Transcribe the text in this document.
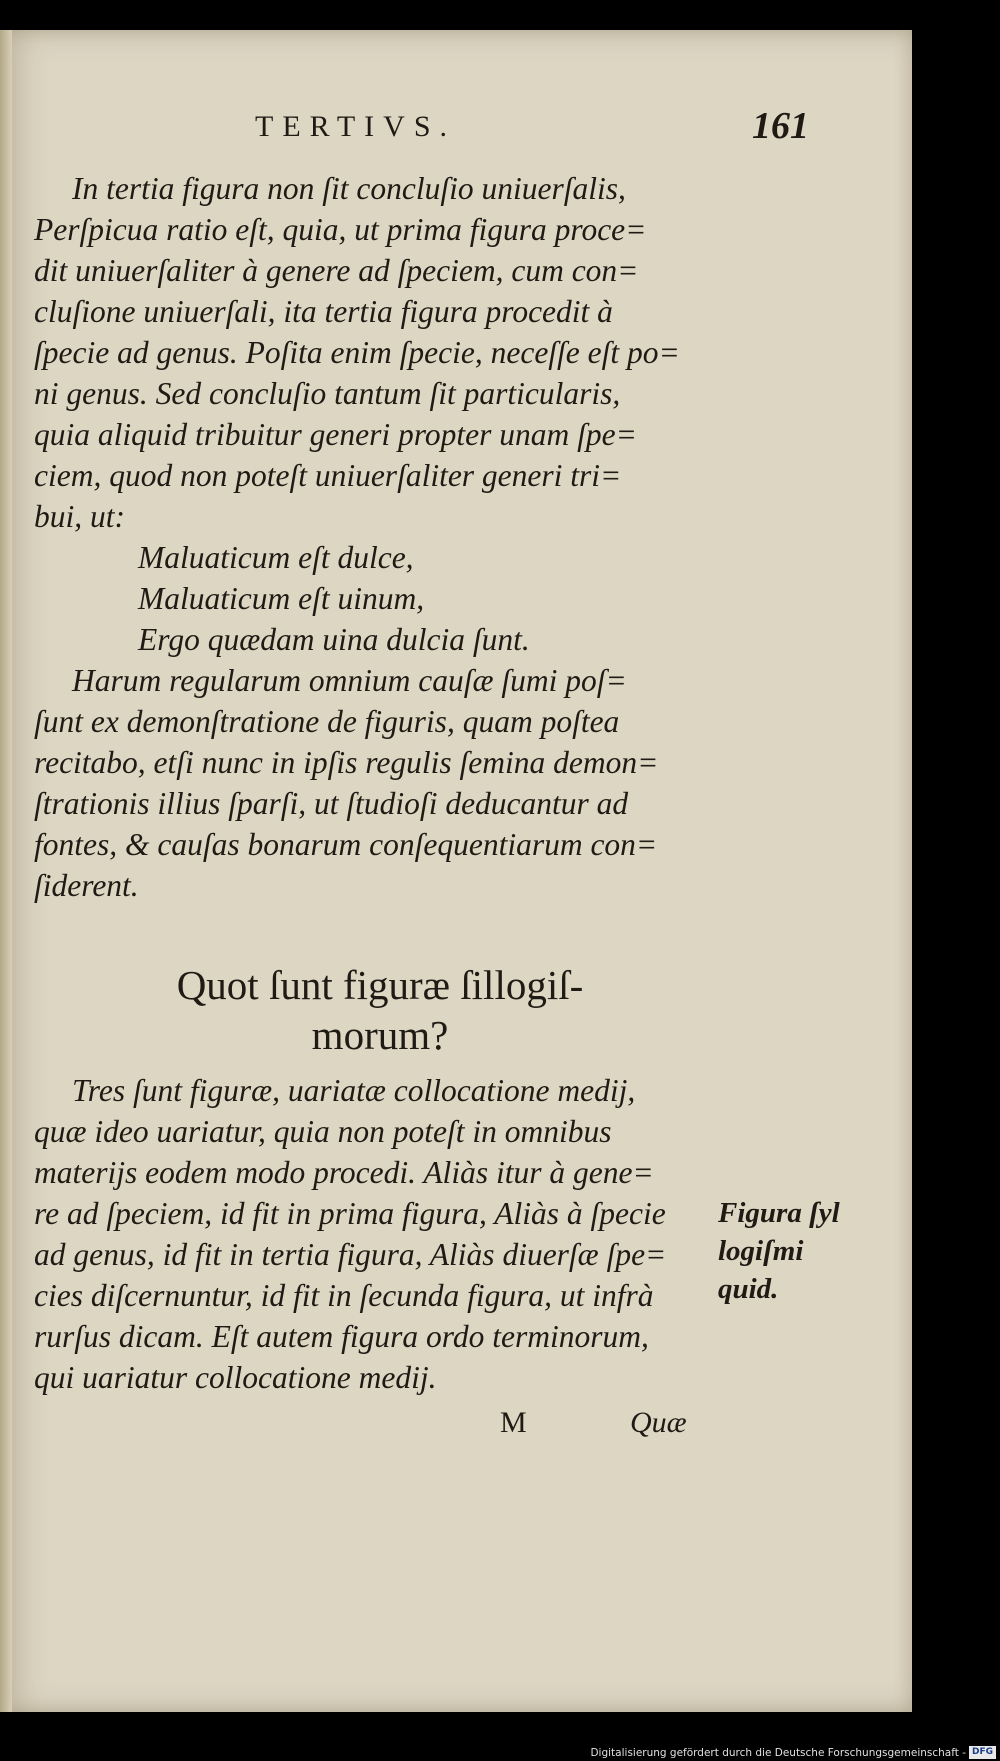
TERTIVS.	161
In tertia figura non ſit concluſio uniuerſalis,
Perſpicua ratio eſt, quia, ut prima figura proce=
dit uniuerſaliter à genere ad ſpeciem, cum con=
cluſione uniuerſali, ita tertia figura procedit à
ſpecie ad genus. Poſita enim ſpecie, neceſſe eſt po=
ni genus. Sed concluſio tantum ſit particularis,
quia aliquid tribuitur generi propter unam ſpe=
ciem, quod non poteſt uniuerſaliter generi tri=
bui, ut:
Maluaticum eſt dulce,
Maluaticum eſt uinum,
Ergo quædam uina dulcia ſunt.
Harum regularum omnium cauſæ ſumi poſ=
ſunt ex demonſtratione de figuris, quam poſtea
recitabo, etſi nunc in ipſis regulis ſemina demon=
ſtrationis illius ſparſi, ut ſtudioſi deducantur ad
fontes, & cauſas bonarum conſequentiarum con=
ſiderent.
Quot ſunt figuræ ſillogiſ-
morum?
Tres ſunt figuræ, uariatæ collocatione medij,
quæ ideo uariatur, quia non poteſt in omnibus
materijs eodem modo procedi. Aliàs itur à gene=
re ad ſpeciem, id fit in prima figura, Aliàs à ſpecie
ad genus, id fit in tertia figura, Aliàs diuerſæ ſpe=
cies diſcernuntur, id fit in ſecunda figura, ut infrà
rurſus dicam. Eſt autem figura ordo terminorum,
qui uariatur collocatione medij.
Figura ſyl
logiſmi
quid.
M	Quæ
Digitalisierung gefördert durch die Deutsche Forschungsgemeinschaft - DFG
